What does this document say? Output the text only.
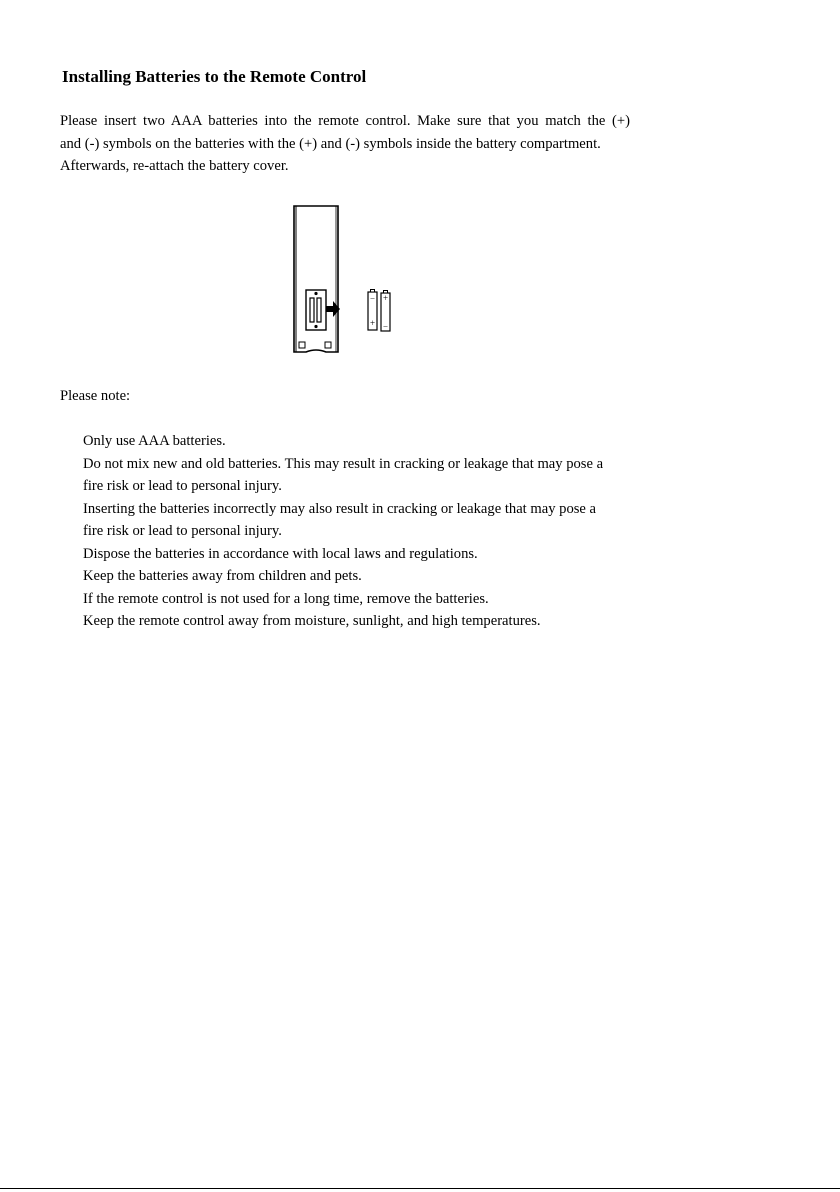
Installing Batteries to the Remote Control

Please insert two AAA batteries into the remote control. Make sure that you match the (+)
and (-) symbols on the batteries with the (+) and (-) symbols inside the battery compartment.
Afterwards, re-attach the battery cover.

–
+
+
–
Please note:
Only use AAA batteries.
Do not mix new and old batteries. This may result in cracking or leakage that may pose a
fire risk or lead to personal injury.
Inserting the batteries incorrectly may also result in cracking or leakage that may pose a
fire risk or lead to personal injury.
Dispose the batteries in accordance with local laws and regulations.
Keep the batteries away from children and pets.
If the remote control is not used for a long time, remove the batteries.
Keep the remote control away from moisture, sunlight, and high temperatures.
